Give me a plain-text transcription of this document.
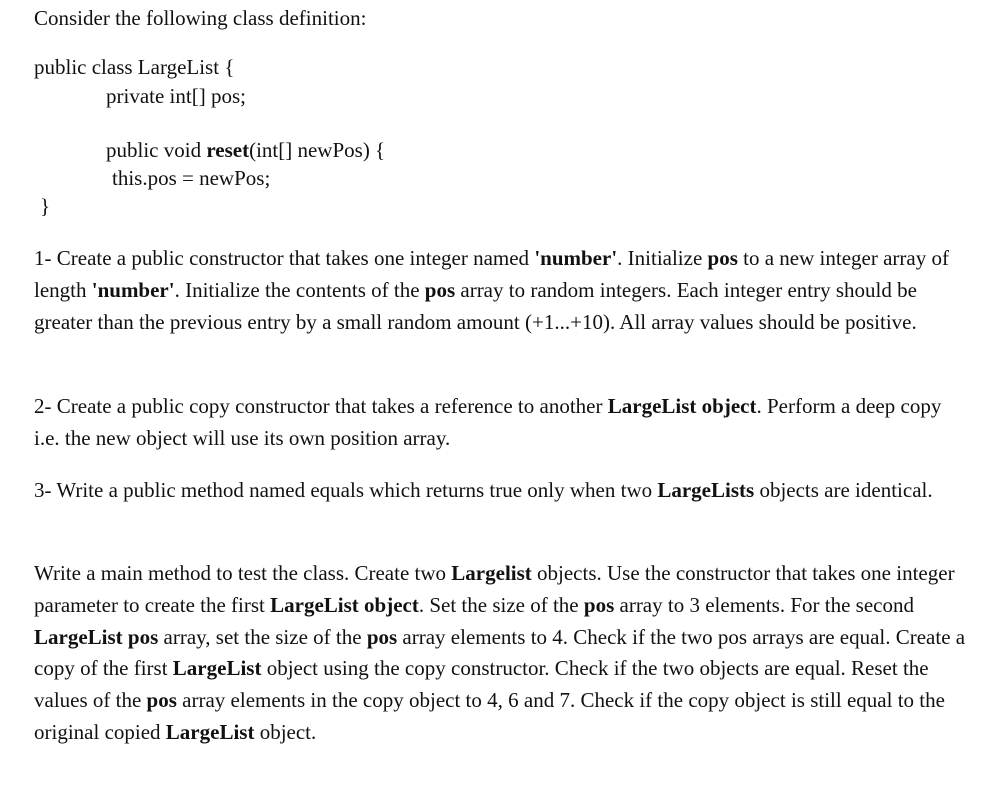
Consider the following class definition:
public class LargeList {
private int[] pos;
public void reset(int[] newPos) {
this.pos = newPos;
}
1- Create a public constructor that takes one integer named 'number'. Initialize pos to a new integer array of length 'number'. Initialize the contents of the pos array to random integers. Each integer entry should be greater than the previous entry by a small random amount (+1...+10). All array values should be positive.
2- Create a public copy constructor that takes a reference to another LargeList object. Perform a deep copy i.e. the new object will use its own position array.
3- Write a public method named equals which returns true only when two LargeLists objects are identical.
Write a main method to test the class. Create two Largelist objects. Use the constructor that takes one integer parameter to create the first LargeList object. Set the size of the pos array to 3 elements. For the second LargeList pos array, set the size of the pos array elements to 4. Check if the two pos arrays are equal. Create a copy of the first LargeList object using the copy constructor. Check if the two objects are equal. Reset the values of the pos array elements in the copy object to 4, 6 and 7. Check if the copy object is still equal to the original copied LargeList object.
